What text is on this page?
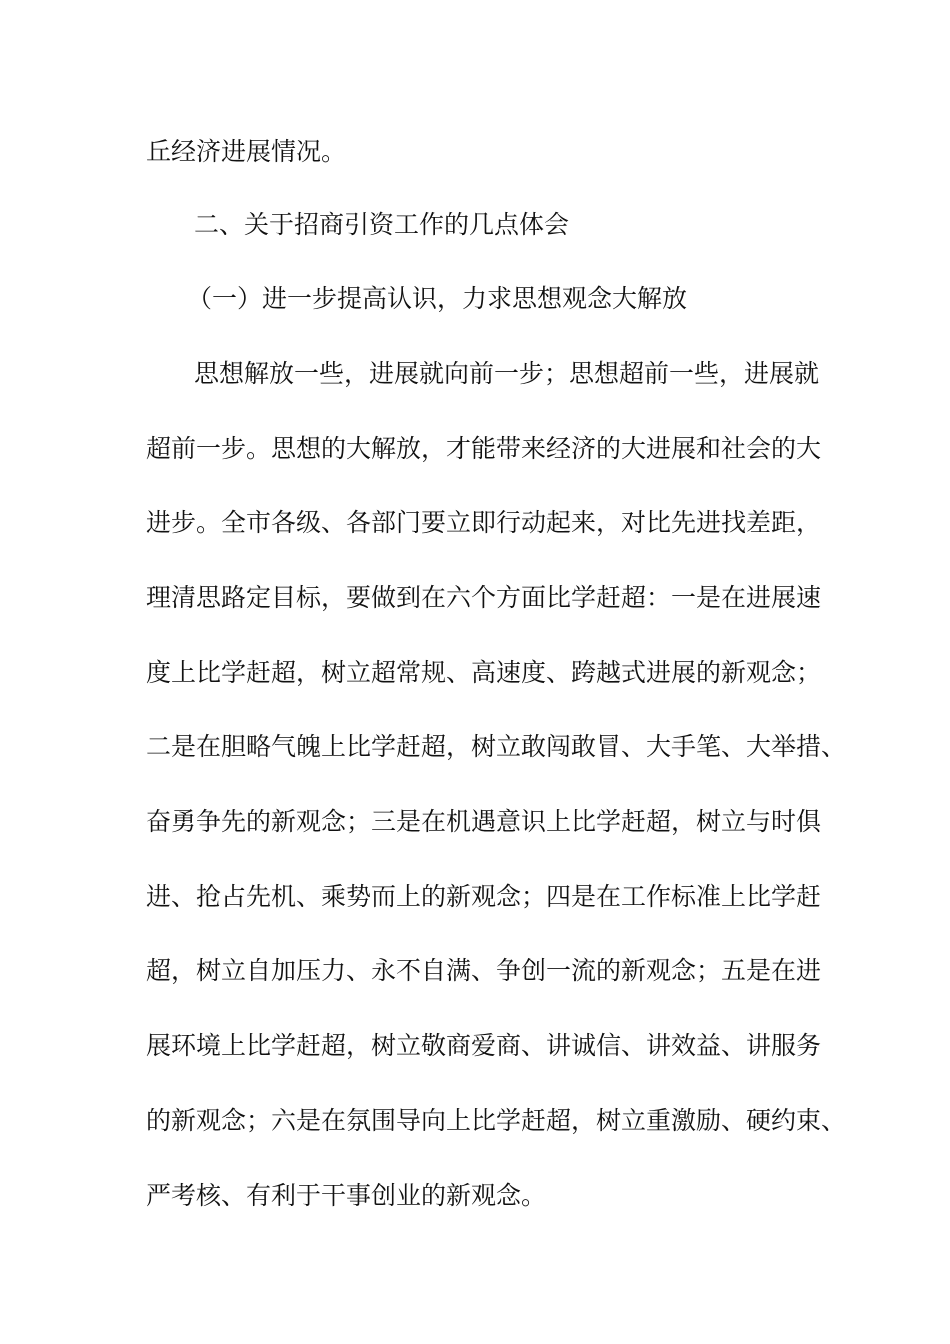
丘经济进展情况。
二、关于招商引资工作的几点体会
（一）进一步提高认识，力求思想观念大解放
思想解放一些，进展就向前一步；思想超前一些，进展就
超前一步。思想的大解放，才能带来经济的大进展和社会的大
进步。全市各级、各部门要立即行动起来，对比先进找差距，
理清思路定目标，要做到在六个方面比学赶超：一是在进展速
度上比学赶超，树立超常规、高速度、跨越式进展的新观念；
二是在胆略气魄上比学赶超，树立敢闯敢冒、大手笔、大举措、
奋勇争先的新观念；三是在机遇意识上比学赶超，树立与时俱
进、抢占先机、乘势而上的新观念；四是在工作标准上比学赶
超，树立自加压力、永不自满、争创一流的新观念；五是在进
展环境上比学赶超，树立敬商爱商、讲诚信、讲效益、讲服务
的新观念；六是在氛围导向上比学赶超，树立重激励、硬约束、
严考核、有利于干事创业的新观念。
